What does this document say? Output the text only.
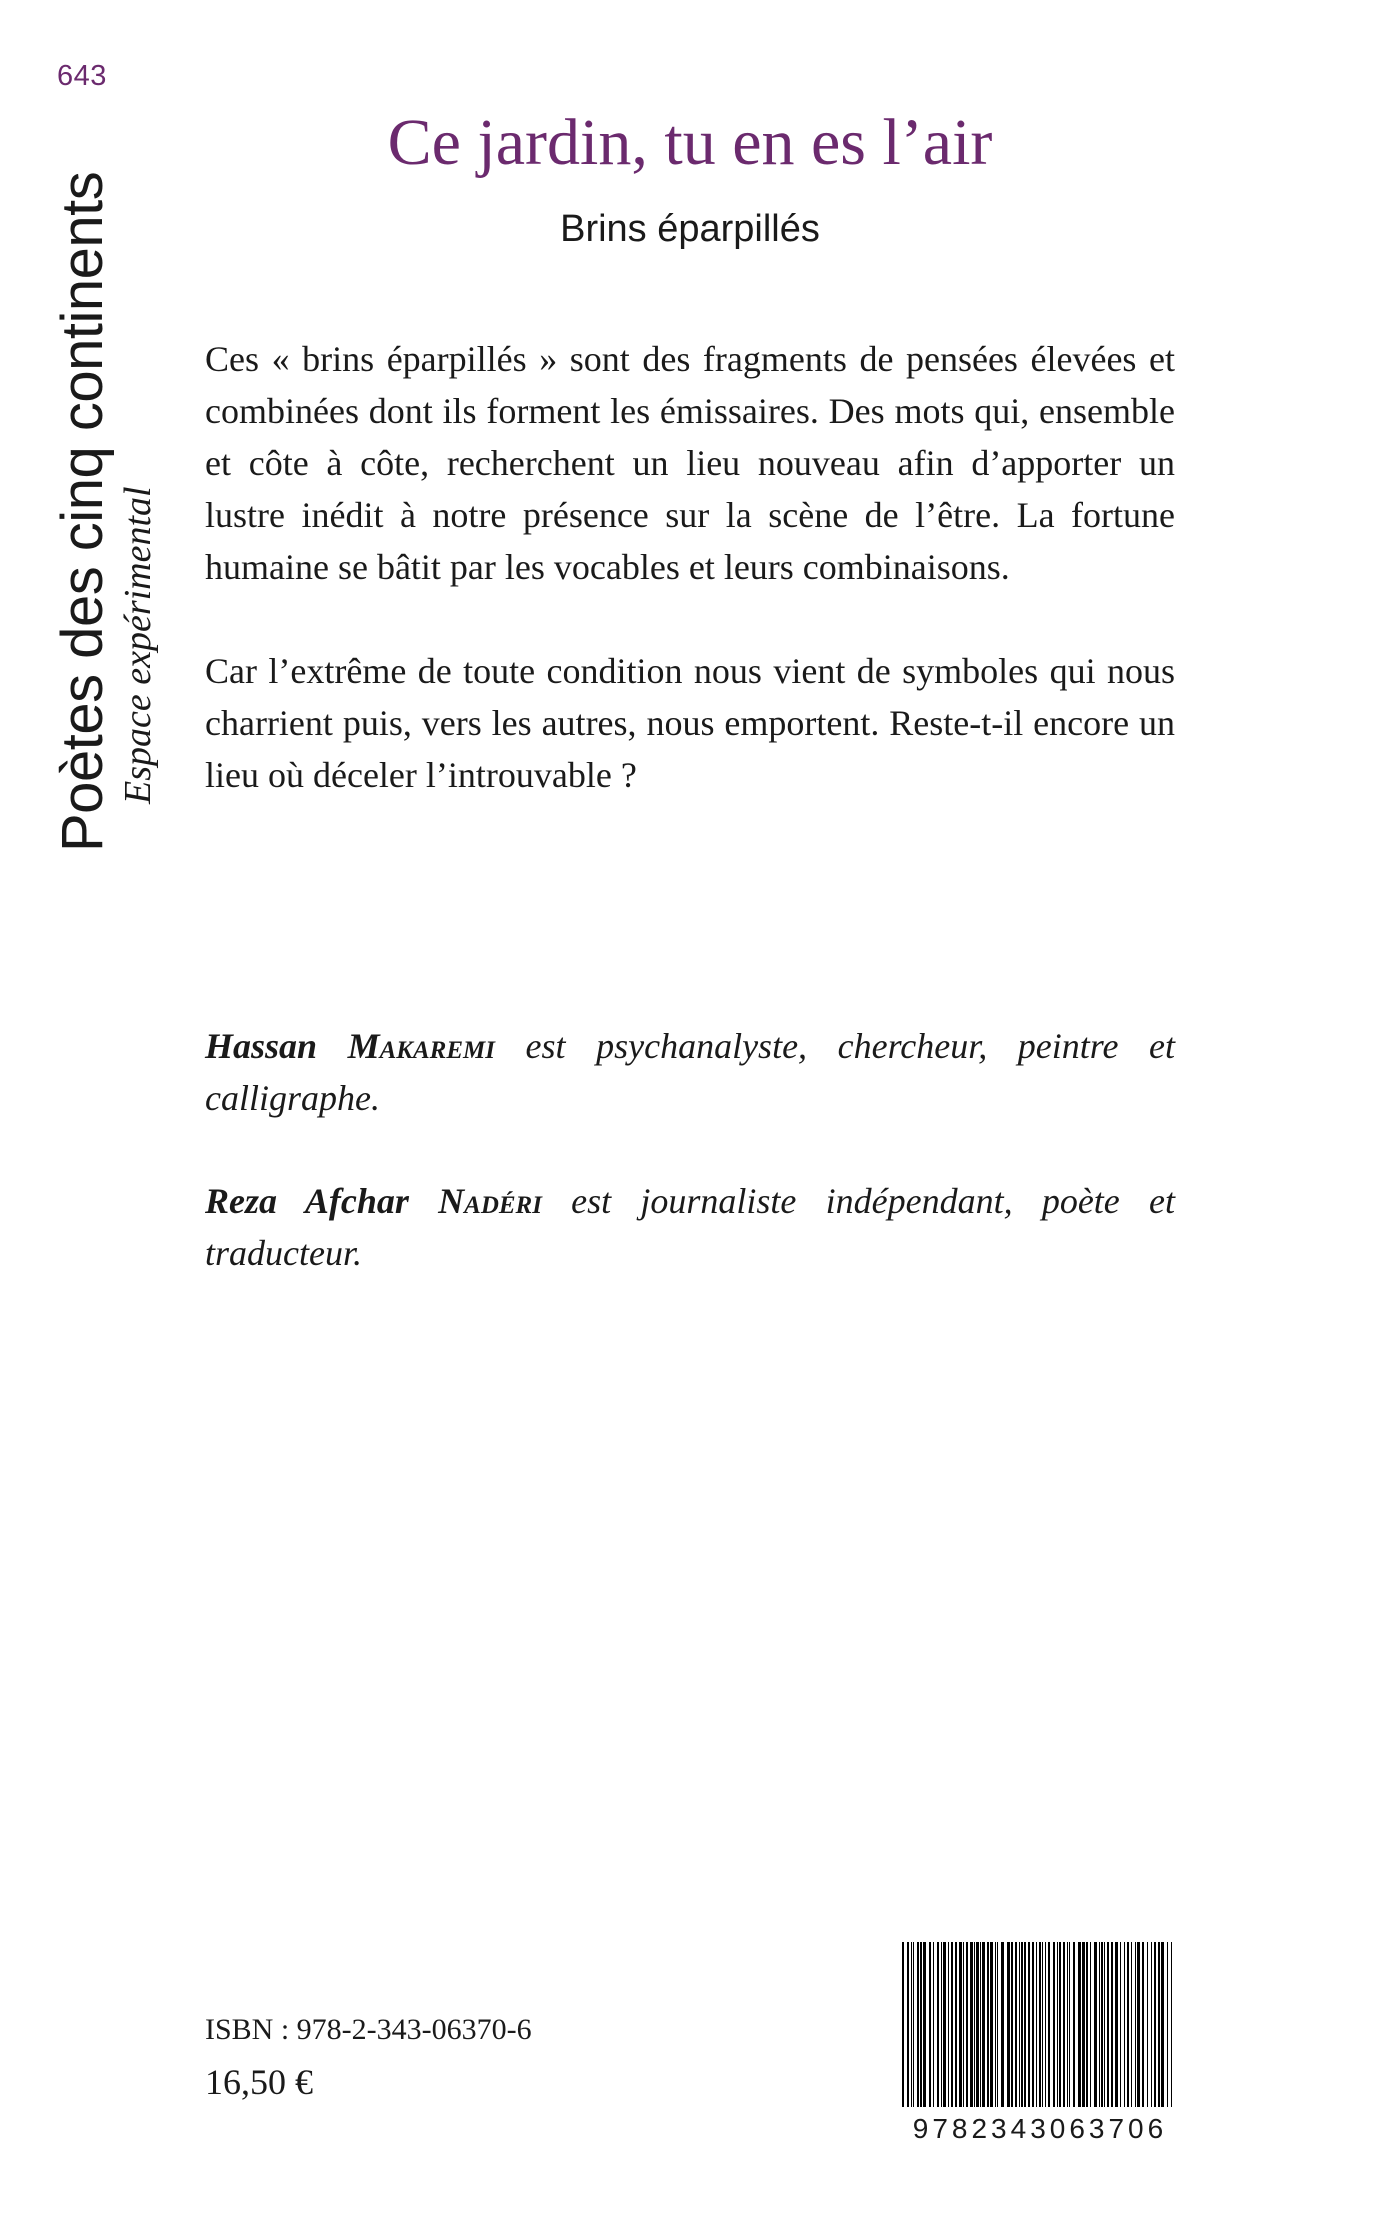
643
Poètes des cinq continents Espace expérimental
Ce jardin, tu en es l’air
Brins éparpillés

Ces « brins éparpillés » sont des fragments de pensées élevées et combinées dont ils forment les émissaires. Des mots qui, ensemble et côte à côte, recherchent un lieu nouveau afin d’apporter un lustre inédit à notre présence sur la scène de l’être. La fortune humaine se bâtit par les vocables et leurs combinaisons.

Car l’extrême de toute condition nous vient de symboles qui nous charrient puis, vers les autres, nous emportent. Reste-t-il encore un lieu où déceler l’introuvable ?

Hassan Makaremi est psychanalyste, chercheur, peintre et calligraphe.
Reza Afchar Nadéri est journaliste indépendant, poète et traducteur.
ISBN : 978-2-343-06370-6
16,50 €
9782343063706
